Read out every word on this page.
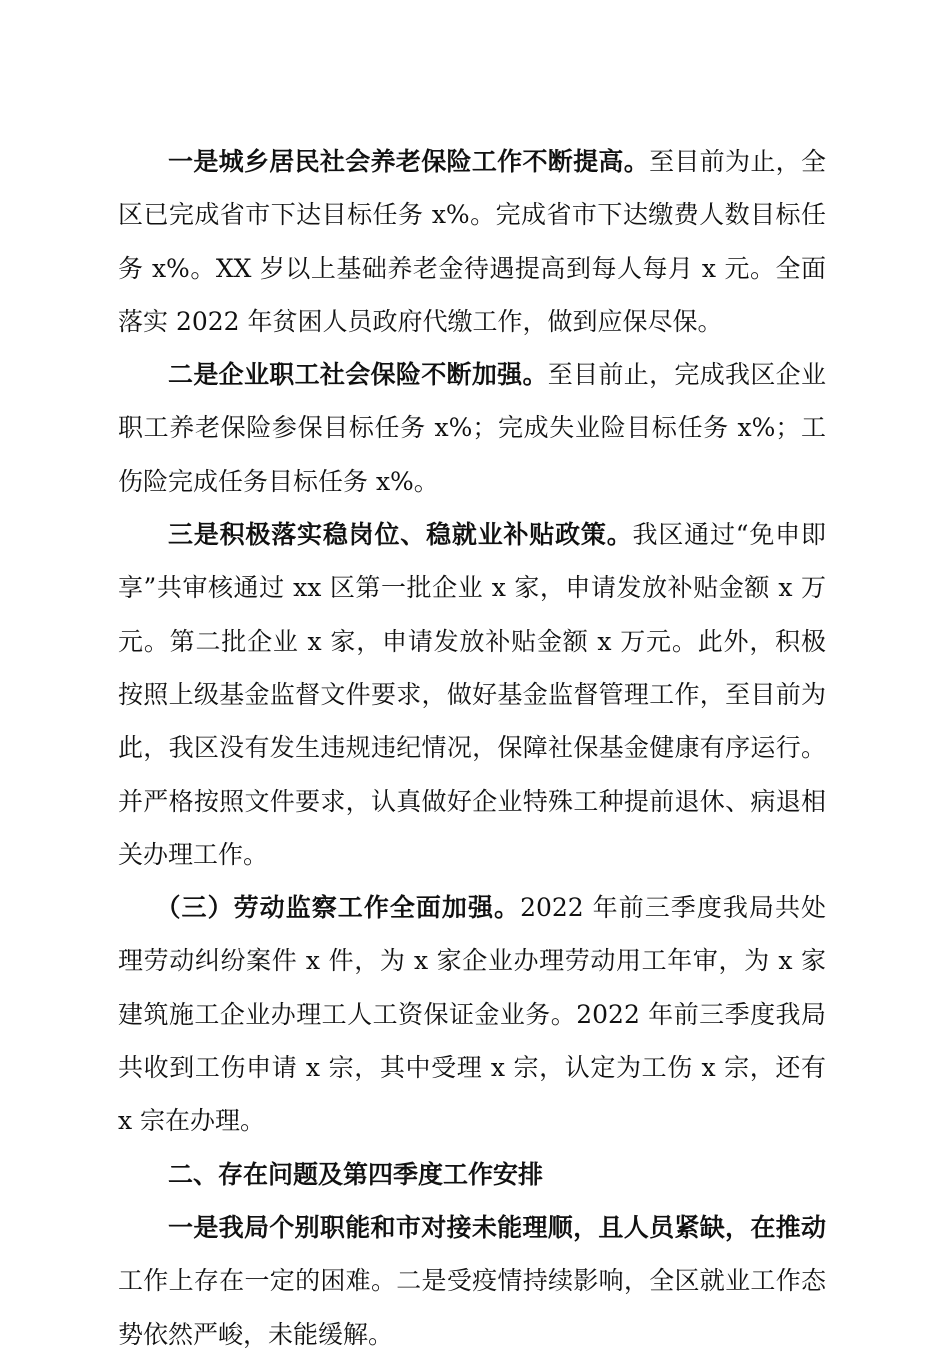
一是城乡居民社会养老保险工作不断提高。至目前为止，全区已完成省市下达目标任务 x%。完成省市下达缴费人数目标任务 x%。XX 岁以上基础养老金待遇提高到每人每月 x 元。全面落实 2022 年贫困人员政府代缴工作，做到应保尽保。

二是企业职工社会保险不断加强。至目前止，完成我区企业职工养老保险参保目标任务 x%；完成失业险目标任务 x%；工伤险完成任务目标任务 x%。

三是积极落实稳岗位、稳就业补贴政策。我区通过“免申即享”共审核通过 xx 区第一批企业 x 家，申请发放补贴金额 x 万元。第二批企业 x 家，申请发放补贴金额 x 万元。此外，积极按照上级基金监督文件要求，做好基金监督管理工作，至目前为此，我区没有发生违规违纪情况，保障社保基金健康有序运行。并严格按照文件要求，认真做好企业特殊工种提前退休、病退相关办理工作。

（三）劳动监察工作全面加强。2022 年前三季度我局共处理劳动纠纷案件 x 件，为 x 家企业办理劳动用工年审，为 x 家建筑施工企业办理工人工资保证金业务。2022 年前三季度我局共收到工伤申请 x 宗，其中受理 x 宗，认定为工伤 x 宗，还有 x 宗在办理。

二、存在问题及第四季度工作安排

一是我局个别职能和市对接未能理顺，且人员紧缺，在推动工作上存在一定的困难。二是受疫情持续影响，全区就业工作态势依然严峻，未能缓解。
